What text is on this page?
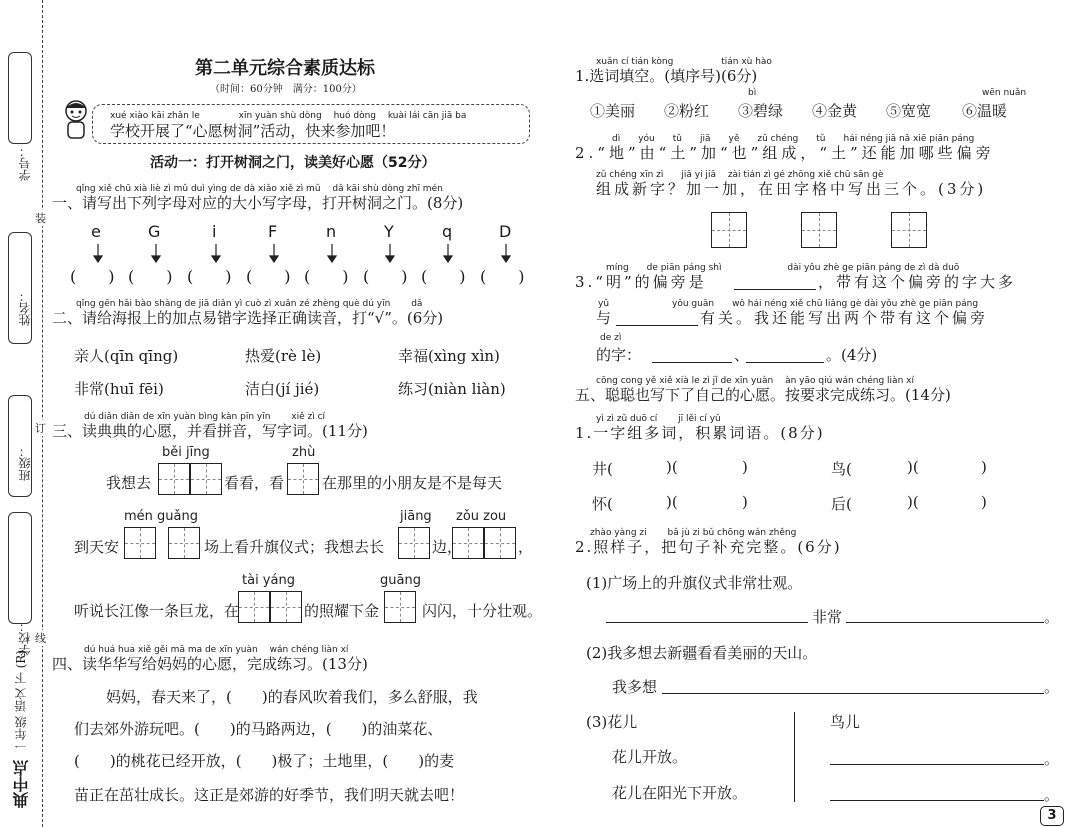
学号：
姓名：
班级：
学校：
装
订
线
一年级 语文 下 (R)
典中点
第二单元综合素质达标
（时间：60分钟　满分：100分）
xué xiào kāi zhǎn le　　　　 xīn yuàn shù dòng　 huó dòng　 kuài lái cān jiā ba
学校开展了“心愿树洞”活动，快来参加吧！
活动一：打开树洞之门，读美好心愿（52分）
qǐng xiě chū xià liè zì mǔ duì yìng de dà xiǎo xiě zì mǔ　 dǎ kāi shù dòng zhī mén
一、请写出下列字母对应的大小写字母，打开树洞之门。(8分)
e	G	i	F	n	Y	q	D
(　　) (　　) (　　) (　　) (　　) (　　) (　　) (　　)
qǐng gēn hǎi bào shàng de jiā diǎn yì cuò zì xuǎn zé zhèng què dú yīn　　 dǎ
二、请给海报上的加点易错字选择正确读音，打“√”。(6分)
亲人(qīn qīng)	热爱(rè lè)	幸福(xìng xìn)
非常(huī fēi)	洁白(jí jié)	练习(niàn liàn)
dú diǎn diǎn de xīn yuàn bìng kàn pīn yīn　　 xiě zì cí
三、读典典的心愿，并看拼音，写字词。(11分)
běi jīng	zhù
我想去	看看，看	在那里的小朋友是不是每天
mén guǎng	jiāng zǒu zou
到天安	场上看升旗仪式；我想去长	边，	，
tài yáng	guāng
听说长江像一条巨龙，在	的照耀下金	闪闪，十分壮观。
dú huá hua xiě gěi mā ma de xīn yuàn　 wán chéng liàn xí
四、读华华写给妈妈的心愿，完成练习。(13分)
妈妈，春天来了，(　　)的春风吹着我们，多么舒服，我
们去郊外游玩吧。(　　)的马路两边，(　　)的油菜花、
(　　)的桃花已经开放，(　　)极了；土地里，(　　)的麦
苗正在茁壮成长。这正是郊游的好季节，我们明天就去吧！
xuǎn cí tián kòng　　　　　 tián xù hào
1.选词填空。(填序号)(6分)
bì	wēn nuǎn
①美丽 ②粉红 ③碧绿 ④金黄 ⑤宽宽 ⑥温暖
dì　　yóu　　tǔ　　jiā　　yě　　zǔ chéng　　tǔ　　hái néng jiā nǎ xiē piān páng
2.“地”由“土”加“也”组成，“土”还能加哪些偏旁
zǔ chéng xīn zì　　jiā yi jiā　 zài tián zì gé zhōng xiě chū sān gè
组成新字？加一加，在田字格中写出三个。(3分)
míng　　de piān páng shì　　　　　　　 dài yǒu zhè ge piān páng de zì dà duō
3.“明”的偏旁是	，带有这个偏旁的字大多
yǔ　　　　　　　yǒu guān　　wǒ hái néng xiě chū liǎng gè dài yǒu zhè ge piān páng
与	有关。我还能写出两个带有这个偏旁
de zì
的字：	、	。(4分)
cōng cong yě xiě xià le zì jǐ de xīn yuàn　 àn yāo qiú wán chéng liàn xí
五、聪聪也写下了自己的心愿。按要求完成练习。(14分)
yì zì zǔ duō cí　　 jī lěi cí yǔ
1.一字组多词，积累词语。(8分)
井(	)(	)	鸟(	)(	)
怀(	)(	)	后(	)(	)
zhào yàng zi　　 bǎ jù zi bǔ chōng wán zhěng
2.照样子，把句子补充完整。(6分)
(1)广场上的升旗仪式非常壮观。
非常	。
(2)我多想去新疆看看美丽的天山。
我多想	。
(3)花儿	鸟儿
花儿开放。	。
花儿在阳光下开放。	。
3
